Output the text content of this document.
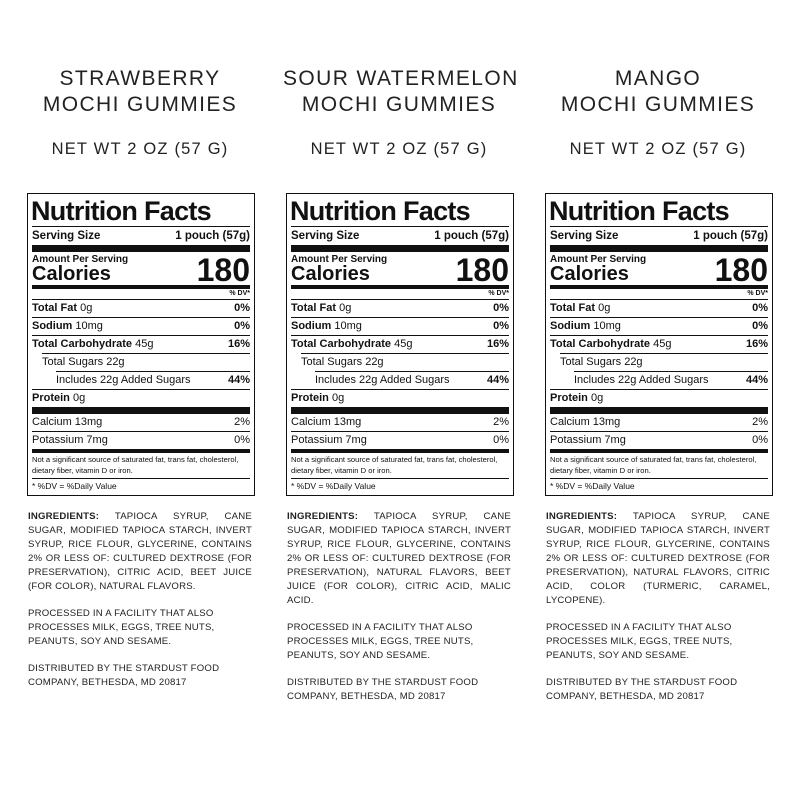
STRAWBERRY
MOCHI GUMMIES
NET WT 2 OZ (57 G)
Nutrition Facts
Serving Size	1 pouch (57g)
Amount Per Serving
Calories	180
% DV*
Total Fat 0g	0%
Sodium 10mg	0%
Total Carbohydrate 45g	16%
Total Sugars 22g
Includes 22g Added Sugars	44%
Protein 0g
Calcium 13mg	2%
Potassium 7mg	0%
Not a significant source of saturated fat, trans fat, cholesterol, dietary fiber, vitamin D or iron.
* %DV = %Daily Value
INGREDIENTS: TAPIOCA SYRUP, CANE SUGAR, MODIFIED TAPIOCA STARCH, INVERT SYRUP, RICE FLOUR, GLYCERINE, CONTAINS 2% OR LESS OF: CULTURED DEXTROSE (FOR PRESERVATION), CITRIC ACID, BEET JUICE (FOR COLOR), NATURAL FLAVORS.
PROCESSED IN A FACILITY THAT ALSO PROCESSES MILK, EGGS, TREE NUTS, PEANUTS, SOY AND SESAME.
DISTRIBUTED BY THE STARDUST FOOD COMPANY, BETHESDA, MD 20817
SOUR WATERMELON
MOCHI GUMMIES
NET WT 2 OZ (57 G)
Nutrition Facts
Serving Size	1 pouch (57g)
Amount Per Serving
Calories	180
% DV*
Total Fat 0g	0%
Sodium 10mg	0%
Total Carbohydrate 45g	16%
Total Sugars 22g
Includes 22g Added Sugars	44%
Protein 0g
Calcium 13mg	2%
Potassium 7mg	0%
Not a significant source of saturated fat, trans fat, cholesterol, dietary fiber, vitamin D or iron.
* %DV = %Daily Value
INGREDIENTS: TAPIOCA SYRUP, CANE SUGAR, MODIFIED TAPIOCA STARCH, INVERT SYRUP, RICE FLOUR, GLYCERINE, CONTAINS 2% OR LESS OF: CULTURED DEXTROSE (FOR PRESERVATION), NATURAL FLAVORS, BEET JUICE (FOR COLOR), CITRIC ACID, MALIC ACID.
PROCESSED IN A FACILITY THAT ALSO PROCESSES MILK, EGGS, TREE NUTS, PEANUTS, SOY AND SESAME.
DISTRIBUTED BY THE STARDUST FOOD COMPANY, BETHESDA, MD 20817
MANGO
MOCHI GUMMIES
NET WT 2 OZ (57 G)
Nutrition Facts
Serving Size	1 pouch (57g)
Amount Per Serving
Calories	180
% DV*
Total Fat 0g	0%
Sodium 10mg	0%
Total Carbohydrate 45g	16%
Total Sugars 22g
Includes 22g Added Sugars	44%
Protein 0g
Calcium 13mg	2%
Potassium 7mg	0%
Not a significant source of saturated fat, trans fat, cholesterol, dietary fiber, vitamin D or iron.
* %DV = %Daily Value
INGREDIENTS: TAPIOCA SYRUP, CANE SUGAR, MODIFIED TAPIOCA STARCH, INVERT SYRUP, RICE FLOUR, GLYCERINE, CONTAINS 2% OR LESS OF: CULTURED DEXTROSE (FOR PRESERVATION), NATURAL FLAVORS, CITRIC ACID, COLOR (TURMERIC, CARAMEL, LYCOPENE).
PROCESSED IN A FACILITY THAT ALSO PROCESSES MILK, EGGS, TREE NUTS, PEANUTS, SOY AND SESAME.
DISTRIBUTED BY THE STARDUST FOOD COMPANY, BETHESDA, MD 20817
